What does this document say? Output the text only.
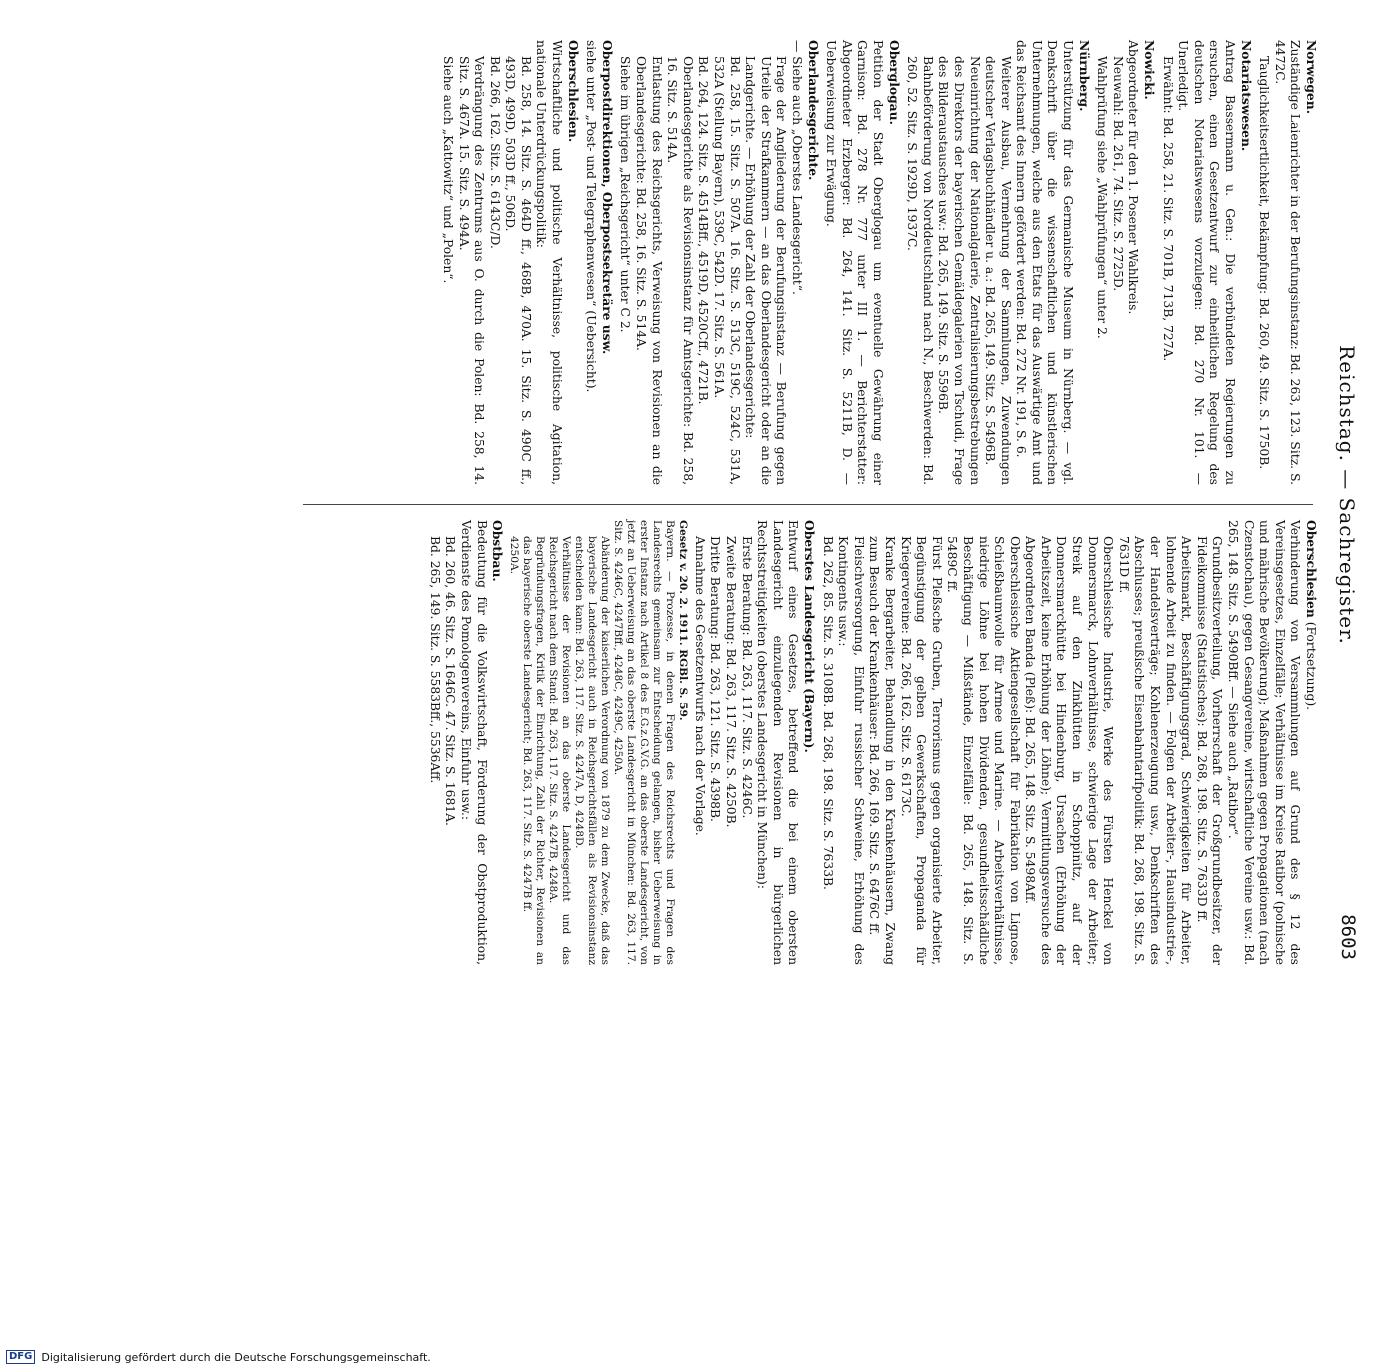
Reichstag. — Sachregister.
8603
Norwegen.
Zuständige Laienrichter in der Berufungsinstanz: Bd. 263, 123. Sitz. S. 4472C.
Tauglichkeitsertlichkeit, Bekämpfung: Bd. 260, 49. Sitz. S. 1750B.
Notariatswesen.
Antrag Bassermann u. Gen.: Die verbündeten Regierungen zu ersuchen, einen Gesetzentwurf zur einheitlichen Regelung des deutschen Notariatswesens vorzulegen: Bd. 270 Nr. 101. — Unerledigt.
Erwähnt: Bd. 258, 21. Sitz. S. 701B, 713B, 727A.
Nowicki.
Abgeordneter für den 1. Posener Wahlkreis.
Neuwahl: Bd. 261, 74. Sitz. S. 2725D.
Wahlprüfung siehe „Wahlprüfungen“ unter 2.
Nürnberg.
Unterstützung für das Germanische Museum in Nürnberg. — vgl. Denkschrift über die wissenschaftlichen und künstlerischen Unternehmungen, welche aus den Etats für das Auswärtige Amt und das Reichsamt des Innern gefördert werden: Bd. 272 Nr. 191, S. 6.
Weiterer Ausbau, Vermehrung der Sammlungen, Zuwendungen deutscher Verlagsbuchhändler u. a.: Bd. 265, 149. Sitz. S. 5496B.
Neueinrichtung der Nationalgalerie, Zentralisierungsbestrebungen des Direktors der bayerischen Gemäldegalerien von Tschudi, Frage des Bilderaustausches usw.: Bd. 265, 149. Sitz. S. 5596B.
Bahnbeförderung von Norddeutschland nach N., Beschwerden: Bd. 260, 52. Sitz. S. 1929D, 1937C.
Oberglogau.
Petition der Stadt Oberglogau um eventuelle Gewährung einer Garnison: Bd. 278 Nr. 777 unter III 1. — Berichterstatter: Abgeordneter Erzberger: Bd. 264, 141. Sitz. S. 5211B, D. — Ueberweisung zur Erwägung.
Oberlandesgerichte.
— Siehe auch „Oberstes Landesgericht“.
Frage der Angliederung der Berufungsinstanz — Berufung gegen Urteile der Strafkammern — an das Oberlandesgericht oder an die Landgerichte. — Erhöhung der Zahl der Oberlandesgerichte:
Bd. 258, 15. Sitz. S. 507A. 16. Sitz. S. 513C, 519C, 524C, 531A, 532A (Stellung Bayern), 539C, 542D. 17. Sitz. S. 561A.
Bd. 264, 124. Sitz. S. 4514Bff., 4519D, 4520Cff., 4721B.
Oberlandesgerichte als Revisionsinstanz für Amtsgerichte: Bd. 258, 16. Sitz. S. 514A.
Entlastung des Reichsgerichts, Verweisung von Revisionen an die Oberlandesgerichte: Bd. 258, 16. Sitz. S. 514A.
Siehe im übrigen „Reichsgericht“ unter C 2.
Oberpostdirektionen, Oberpostsekretäre usw.
siehe unter „Post- und Telegraphenwesen“ (Uebersicht).
Oberschlesien.
Wirtschaftliche und politische Verhältnisse, politische Agitation, nationale Unterdrückungspolitik:
Bd. 258, 14. Sitz. S. 464D ff., 468B, 470A. 15. Sitz. S. 490C ff., 493D, 499D, 503D ff., 506D.
Bd. 266, 162. Sitz. S. 6143C/D.
Verdrängung des Zentrums aus O. durch die Polen: Bd. 258, 14. Sitz. S. 467A. 15. Sitz. S. 494A.
Siehe auch „Kattowitz“ und „Polen“.
Oberschlesien (Fortsetzung).
Verhinderung von Versammlungen auf Grund des § 12 des Vereinsgesetzes, Einzelfälle; Verhältnisse im Kreise Ratibor (polnische und mährische Bevölkerung); Maßnahmen gegen Propagationen (nach Czenstochau), gegen Gesangvereine, wirtschaftliche Vereine usw.: Bd. 265, 148. Sitz. S. 5490Bff. — Siehe auch „Ratibor“.
Grundbesitzverteilung, Vorherrschaft der Großgrundbesitzer, der Fideikommisse (Statistisches): Bd. 268, 198. Sitz. S. 7633D ff.
Arbeitsmarkt, Beschäftigungsgrad, Schwierigkeiten für Arbeiter, lohnende Arbeit zu finden. — Folgen der Arbeiter-, Hausindustrie-, der Handelsverträge; Kohlenerzeugung usw., Denkschriften des Abschlusses; preußische Eisenbahntarifpolitik: Bd. 268, 198. Sitz. S. 7631D ff.
Oberschlesische Industrie, Werke des Fürsten Henckel von Donnersmarck, Lohnverhältnisse, schwierige Lage der Arbeiter; Streik auf den Zinkhütten in Schoppinitz, auf der Donnersmarckhütte bei Hindenburg, Ursachen (Erhöhung der Arbeitszeit, keine Erhöhung der Löhne); Vermittlungsversuche des Abgeordneten Banda (Pleß): Bd. 265, 148. Sitz. S. 5498Aff.
Oberschlesische Aktiengesellschaft für Fabrikation von Lignose, Schießbaumwolle für Armee und Marine. — Arbeitsverhältnisse, niedrige Löhne bei hohen Dividenden, gesundheitsschädliche Beschäftigung — Mißstände, Einzelfälle: Bd. 265, 148. Sitz. S. 5489C ff.
Fürst Pleßsche Gruben, Terrorismus gegen organisierte Arbeiter, Begünstigung der gelben Gewerkschaften, Propaganda für Kriegervereine: Bd. 266, 162. Sitz. S. 6173C.
Kranke Bergarbeiter, Behandlung in den Krankenhäusern, Zwang zum Besuch der Krankenhäuser: Bd. 266, 169. Sitz. S. 6476C ff.
Fleischversorgung, Einfuhr russischer Schweine, Erhöhung des Kontingents usw.:
Bd. 262, 85. Sitz. S. 3108B. Bd. 268, 198. Sitz. S. 7633B.
Oberstes Landesgericht (Bayern).
Entwurf eines Gesetzes, betreffend die bei einem obersten Landesgericht einzulegenden Revisionen in bürgerlichen Rechtsstreitigkeiten (oberstes Landesgericht in München):
Erste Beratung: Bd. 263, 117. Sitz. S. 4246C.
Zweite Beratung: Bd. 263, 117. Sitz. S. 4250B.
Dritte Beratung: Bd. 263, 121. Sitz. S. 4398B.
Annahme des Gesetzentwurfs nach der Vorlage.
Gesetz v. 20. 2. 1911. RGBl. S. 59.
Bayern. — Prozesse, in denen Fragen des Reichsrechts und Fragen des Landesrechts gemeinsam zur Entscheidung gelangen, bisher Ueberweisung in erster Instanz nach Artikel 8 des E.G.z.G.V.G. an das oberste Landesgericht, von jetzt an Ueberweisung an das oberste Landesgericht in München: Bd. 263, 117. Sitz. S. 4246C, 4247Bff., 4248C, 4249C, 4250A.
Abänderung der kaiserlichen Verordnung von 1879 zu dem Zwecke, daß das bayerische Landesgericht auch in Reichsgerichtsfällen als Revisionsinstanz entscheiden kann: Bd. 263, 117. Sitz. S. 4247A, D, 4248D.
Verhältnisse der Revisionen an das oberste Landesgericht und das Reichsgericht nach dem Stand: Bd. 263, 117. Sitz. S. 4247B, 4248A.
Begründungsfragen, Kritik der Einrichtung, Zahl der Richter, Revisionen an das bayerische oberste Landesgericht; Bd. 263, 117. Sitz. S. 4247B ff.
4250A.
Obstbau.
Bedeutung für die Volkswirtschaft, Förderung der Obstproduktion, Verdienste des Pomologenvereins, Einfuhr usw.:
Bd. 260, 46. Sitz. S. 1646C. 47. Sitz. S. 1681A.
Bd. 265, 149. Sitz. S. 5583Bff., 5536Aff.
DFG Digitalisierung gefördert durch die Deutsche Forschungsgemeinschaft.
